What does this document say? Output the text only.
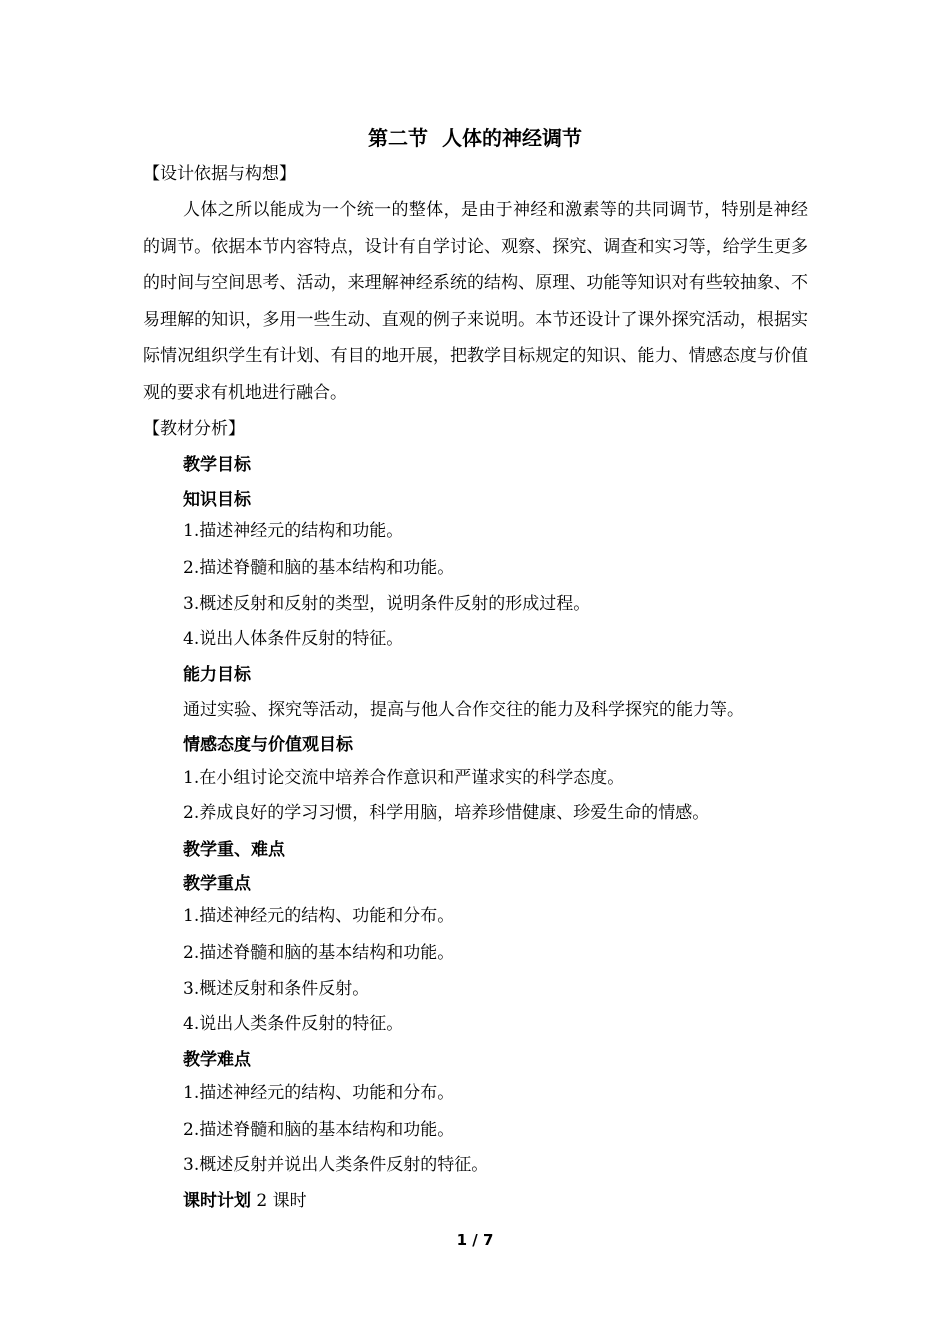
第二节  人体的神经调节
【设计依据与构想】
人体之所以能成为一个统一的整体，是由于神经和激素等的共同调节，特别是神经的调节。依据本节内容特点，设计有自学讨论、观察、探究、调查和实习等，给学生更多的时间与空间思考、活动，来理解神经系统的结构、原理、功能等知识对有些较抽象、不易理解的知识，多用一些生动、直观的例子来说明。本节还设计了课外探究活动，根据实际情况组织学生有计划、有目的地开展，把教学目标规定的知识、能力、情感态度与价值观的要求有机地进行融合。
【教材分析】
教学目标
知识目标
1.描述神经元的结构和功能。
2.描述脊髓和脑的基本结构和功能。
3.概述反射和反射的类型，说明条件反射的形成过程。
4.说出人体条件反射的特征。
能力目标
通过实验、探究等活动，提高与他人合作交往的能力及科学探究的能力等。
情感态度与价值观目标
1.在小组讨论交流中培养合作意识和严谨求实的科学态度。
2.养成良好的学习习惯，科学用脑，培养珍惜健康、珍爱生命的情感。
教学重、难点
教学重点
1.描述神经元的结构、功能和分布。
2.描述脊髓和脑的基本结构和功能。
3.概述反射和条件反射。
4.说出人类条件反射的特征。
教学难点
1.描述神经元的结构、功能和分布。
2.描述脊髓和脑的基本结构和功能。
3.概述反射并说出人类条件反射的特征。
课时计划 2 课时
1 / 7
